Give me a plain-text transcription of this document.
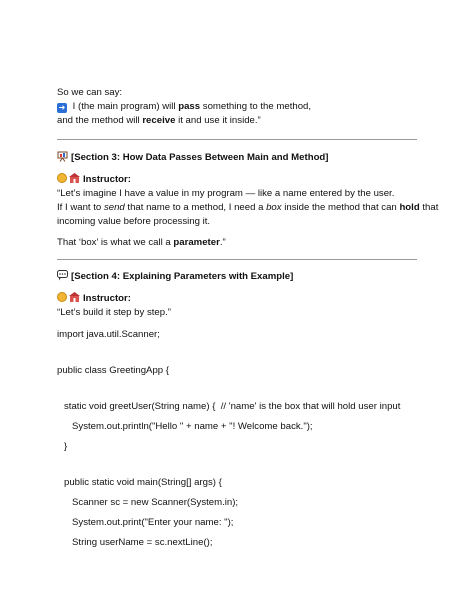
So we can say:
➜ I (the main program) will pass something to the method,
and the method will receive it and use it inside.”
[Section 3: How Data Passes Between Main and Method]
Instructor:
“Let’s imagine I have a value in my program — like a name entered by the user.
If I want to send that name to a method, I need a box inside the method that can hold that
incoming value before processing it.
That ‘box’ is what we call a parameter.”
[Section 4: Explaining Parameters with Example]
Instructor:
“Let’s build it step by step.”
import java.util.Scanner;
public class GreetingApp {
static void greetUser(String name) {  // 'name' is the box that will hold user input
System.out.println("Hello " + name + "! Welcome back.");
}
public static void main(String[] args) {
Scanner sc = new Scanner(System.in);
System.out.print("Enter your name: ");
String userName = sc.nextLine();
